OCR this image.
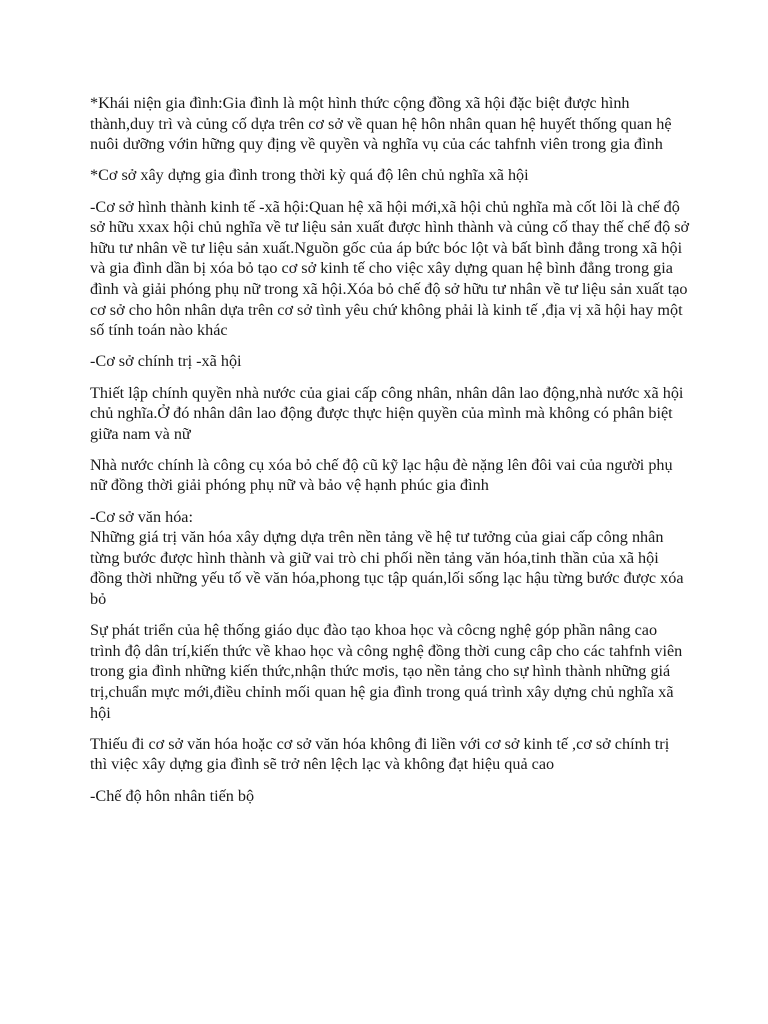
*Khái niện gia đình:Gia đình là một hình thức cộng đồng xã hội đặc biệt được hình thành,duy trì và củng cố dựa trên cơ sở về quan hệ hôn nhân quan hệ huyết thống quan hệ nuôi dưỡng vớin hững quy địng về quyền và nghĩa vụ của các tahfnh viên trong gia đình

*Cơ sở xây dựng gia đình trong thời kỳ quá độ lên chủ nghĩa xã hội

-Cơ sở hình thành kinh tế -xã hội:Quan hệ xã hội mới,xã hội chủ nghĩa mà cốt lõi là chế độ sở hữu xxax hội chủ nghĩa về tư liệu sản xuất được hình thành và củng cố thay thế chế độ sở hữu tư nhân về tư liệu sản xuất.Nguồn gốc của áp bức bóc lột và bất bình đẳng trong xã hội và gia đình dần bị xóa bỏ tạo cơ sở kinh tế cho việc xây dựng quan hệ bình đẳng trong gia đình và giải phóng phụ nữ trong xã hội.Xóa bỏ chế độ sở hữu tư nhân về tư liệu sản xuất tạo cơ sở cho hôn nhân dựa trên cơ sở tình yêu chứ không phải là kinh tế ,địa vị xã hội hay một số tính toán nào khác

-Cơ sở chính trị -xã hội

Thiết lập chính quyền nhà nước của giai cấp công nhân, nhân dân lao động,nhà nước xã hội chủ nghĩa.Ở đó nhân dân lao động được thực hiện quyền của mình mà không có phân biệt giữa nam và nữ

Nhà nước chính là công cụ xóa bỏ chế độ cũ kỹ lạc hậu đè nặng lên đôi vai của người phụ nữ đồng thời giải phóng phụ nữ và bảo vệ hạnh phúc gia đình

-Cơ sở văn hóa:
Những giá trị văn hóa xây dựng dựa trên nền tảng về hệ tư tưởng của giai cấp công nhân từng bước được hình thành và giữ vai trò chi phối nền tảng văn hóa,tinh thần của xã hội đồng thời những yếu tố về văn hóa,phong tục tập quán,lối sống lạc hậu từng bước được xóa bỏ

Sự phát triển của hệ thống giáo dục đào tạo khoa học và côcng nghệ góp phần nâng cao trình độ dân trí,kiến thức về khao học và công nghệ đồng thời cung câp cho các tahfnh viên trong gia đình những kiến thức,nhận thức mơis, tạo nền tảng cho sự hình thành những giá trị,chuẩn mực mới,điều chỉnh mối quan hệ gia đình trong quá trình xây dựng chủ nghĩa xã hội

Thiếu đi cơ sở văn hóa hoặc cơ sở văn hóa không đi liền với cơ sở kinh tế ,cơ sở chính trị thì việc xây dựng gia đình sẽ trở nên lệch lạc và không đạt hiệu quả cao

-Chế độ hôn nhân tiến bộ
